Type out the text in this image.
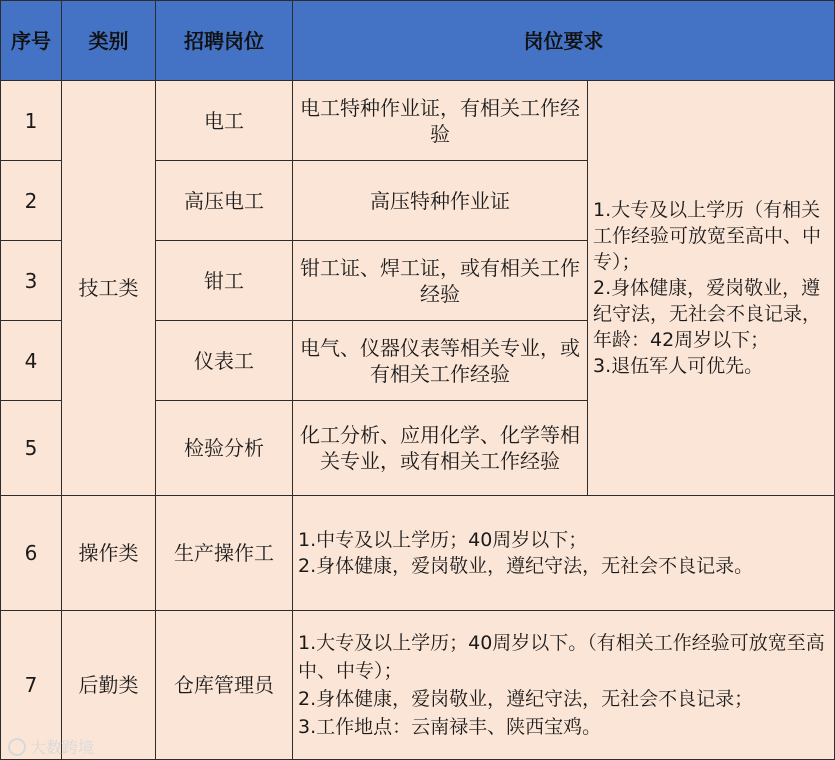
序号 类别	招聘岗位	岗位要求
1
2
3
4
5
技工类
电工
高压电工
钳工
仪表工
检验分析
电工特种作业证，有相关工作经验
高压特种作业证
钳工证、焊工证，或有相关工作经验
电气、仪器仪表等相关专业，或有相关工作经验
化工分析、应用化学、化学等相关专业，或有相关工作经验
1.大专及以上学历（有相关工作经验可放宽至高中、中专）；
2.身体健康，爱岗敬业，遵纪守法，无社会不良记录，年龄：42周岁以下；
3.退伍军人可优先。
6 操作类 生产操作工
1.中专及以上学历；40周岁以下；
2.身体健康，爱岗敬业，遵纪守法，无社会不良记录。
7 后勤类 仓库管理员
1.大专及以上学历；40周岁以下。（有相关工作经验可放宽至高中、中专）；
2.身体健康，爱岗敬业，遵纪守法，无社会不良记录；
3.工作地点：云南禄丰、陕西宝鸡。
大数跨境
